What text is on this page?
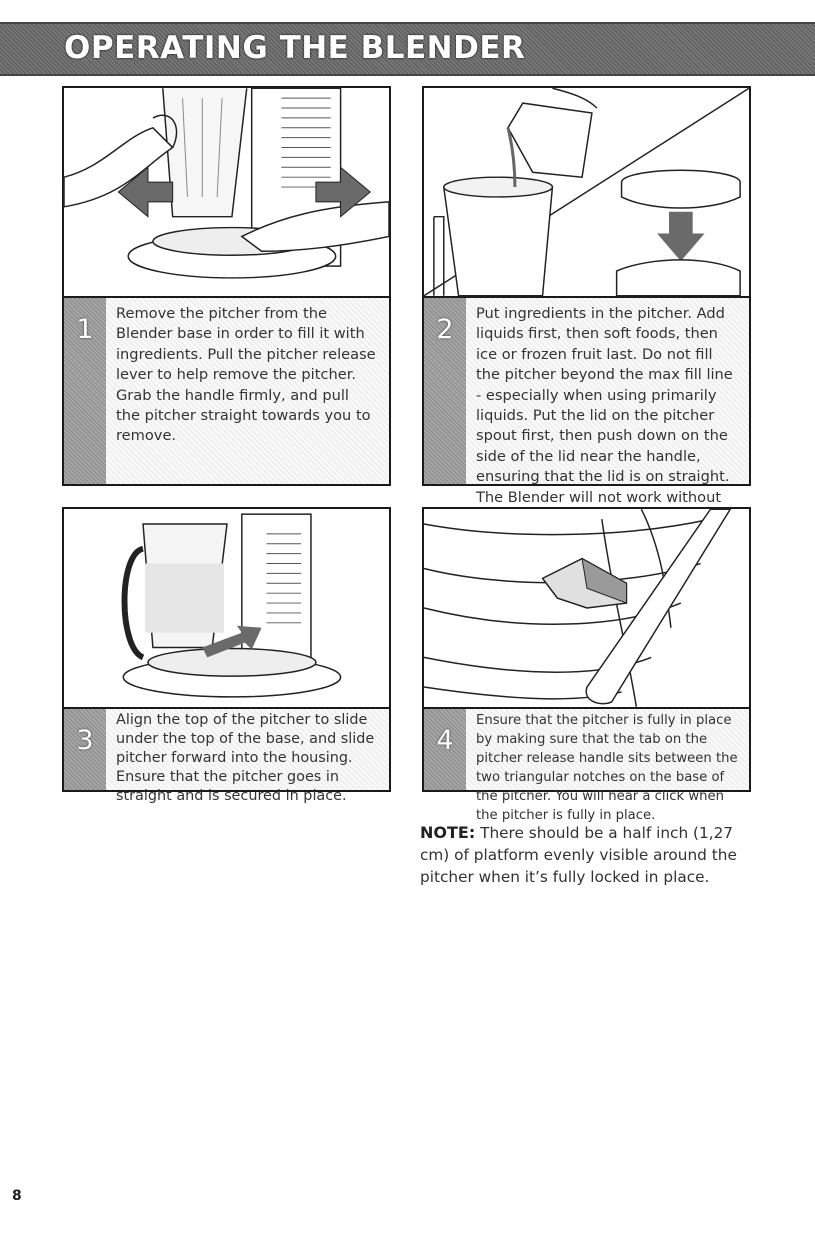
OPERATING THE BLENDER
1
Remove the pitcher from the Blender base in order to fill it with ingredients. Pull the pitcher release lever to help remove the pitcher. Grab the handle firmly, and pull the pitcher straight towards you to remove.
2
Put ingredients in the pitcher. Add liquids first, then soft foods, then ice or frozen fruit last. Do not fill the pitcher beyond the max fill line - especially when using primarily liquids. Put the lid on the pitcher spout first, then push down on the side of the lid near the handle, ensuring that the lid is on straight. The Blender will not work without
3
Align the top of the pitcher to slide under the top of the base, and slide pitcher forward into the housing. Ensure that the pitcher goes in straight and is secured in place.
4
Ensure that the pitcher is fully in place by making sure that the tab on the pitcher release handle sits between the two triangular notches on the base of the pitcher. You will hear a click when the pitcher is fully in place.
NOTE: There should be a half inch (1,27 cm) of platform evenly visible around the pitcher when it’s fully locked in place.
8
